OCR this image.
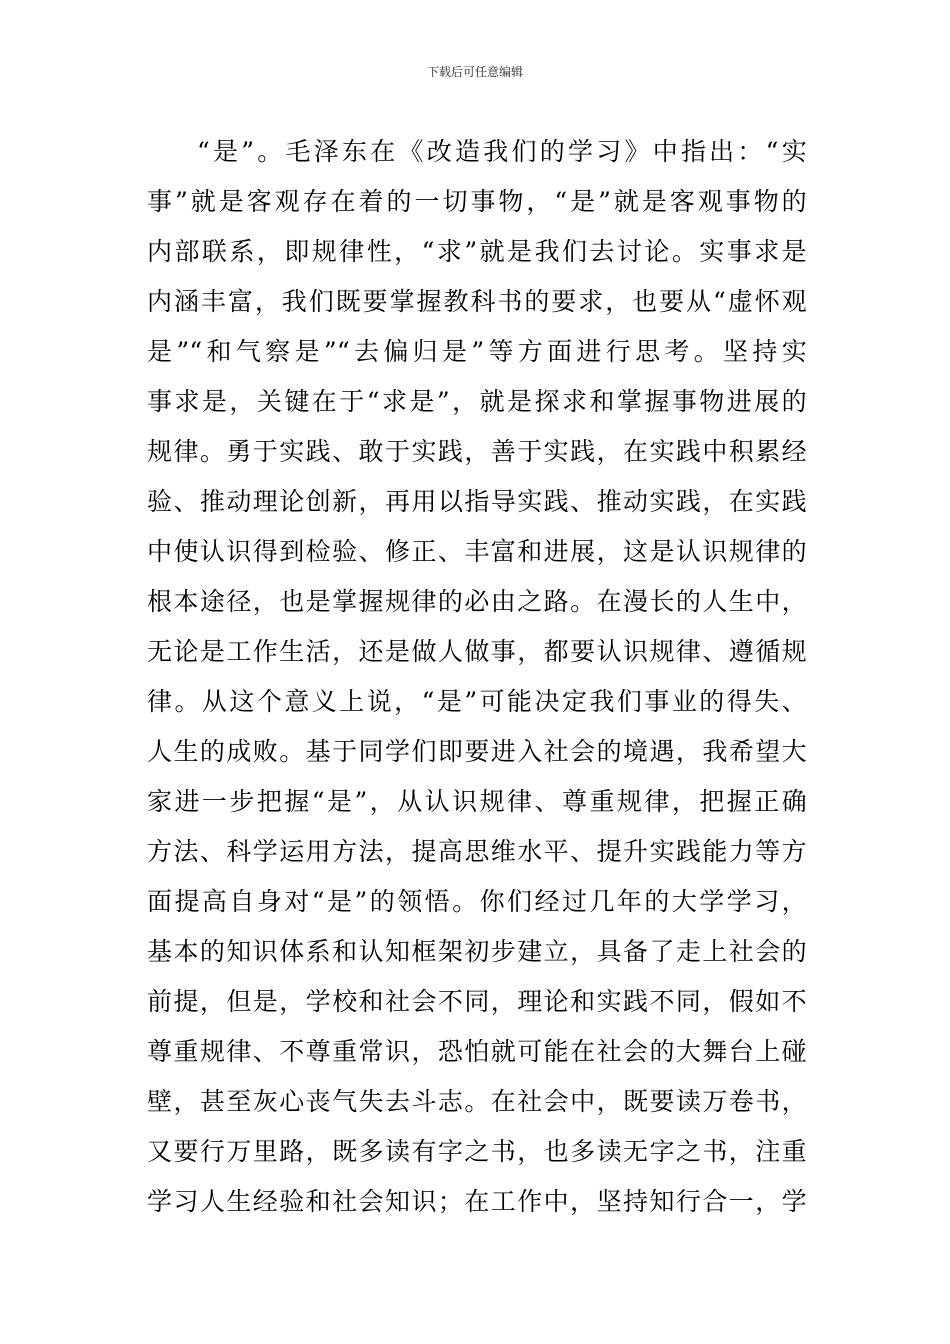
下载后可任意编辑
“是”。毛泽东在《改造我们的学习》中指出：“实
事”就是客观存在着的一切事物，“是”就是客观事物的
内部联系，即规律性，“求”就是我们去讨论。实事求是
内涵丰富，我们既要掌握教科书的要求，也要从“虚怀观
是”“和气察是”“去偏归是”等方面进行思考。坚持实
事求是，关键在于“求是”，就是探求和掌握事物进展的
规律。勇于实践、敢于实践，善于实践，在实践中积累经
验、推动理论创新，再用以指导实践、推动实践，在实践
中使认识得到检验、修正、丰富和进展，这是认识规律的
根本途径，也是掌握规律的必由之路。在漫长的人生中，
无论是工作生活，还是做人做事，都要认识规律、遵循规
律。从这个意义上说，“是”可能决定我们事业的得失、
人生的成败。基于同学们即要进入社会的境遇，我希望大
家进一步把握“是”，从认识规律、尊重规律，把握正确
方法、科学运用方法，提高思维水平、提升实践能力等方
面提高自身对“是”的领悟。你们经过几年的大学学习，
基本的知识体系和认知框架初步建立，具备了走上社会的
前提，但是，学校和社会不同，理论和实践不同，假如不
尊重规律、不尊重常识，恐怕就可能在社会的大舞台上碰
壁，甚至灰心丧气失去斗志。在社会中，既要读万卷书，
又要行万里路，既多读有字之书，也多读无字之书，注重
学习人生经验和社会知识；在工作中，坚持知行合一，学
